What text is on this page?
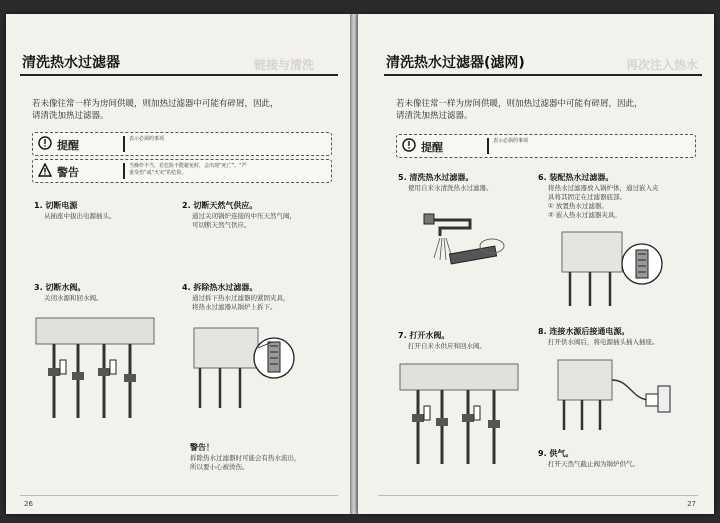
链接与清洗
清洗热水过滤器
若未像往常一样为房间供暖，则加热过滤器中可能有碎屑，因此，
请清洗加热过滤器。
提醒	表示必须的事项
警告	当操作不当，若危险不能避免时，会出现“死亡”、“严重受伤”或“火灾”的危险。
1. 切断电源
从插座中拔出电源插头。
2. 切断天然气供应。
通过关闭锅炉连接的中压天然气阀，
可切断天然气供应。
3. 切断水阀。
关闭水源和回水阀。
4. 拆除热水过滤器。
通过拆下热水过滤器的紧固夹具，
将热水过滤器从锅炉上拆下。
警告！
拆除热水过滤器时可能会有热水流出，
所以要小心被烫伤。
26
再次注入热水
清洗热水过滤器(滤网)
若未像往常一样为房间供暖，则加热过滤器中可能有碎屑，因此，
请清洗加热过滤器。
提醒	表示必须的事项
5. 清洗热水过滤器。
使用自来水清洗热水过滤器。
6. 装配热水过滤器。
将热水过滤器放入锅炉体，通过嵌入夹
具将其固定在过滤器底部。
① 放置热水过滤器。
② 嵌入热水过滤器夹具。
7. 打开水阀。
打开自来水供应和回水阀。
8. 连接水源后接通电源。
打开供水阀后，将电源插头插入插座。
9. 供气。
打开天然气截止阀为锅炉供气。
27
